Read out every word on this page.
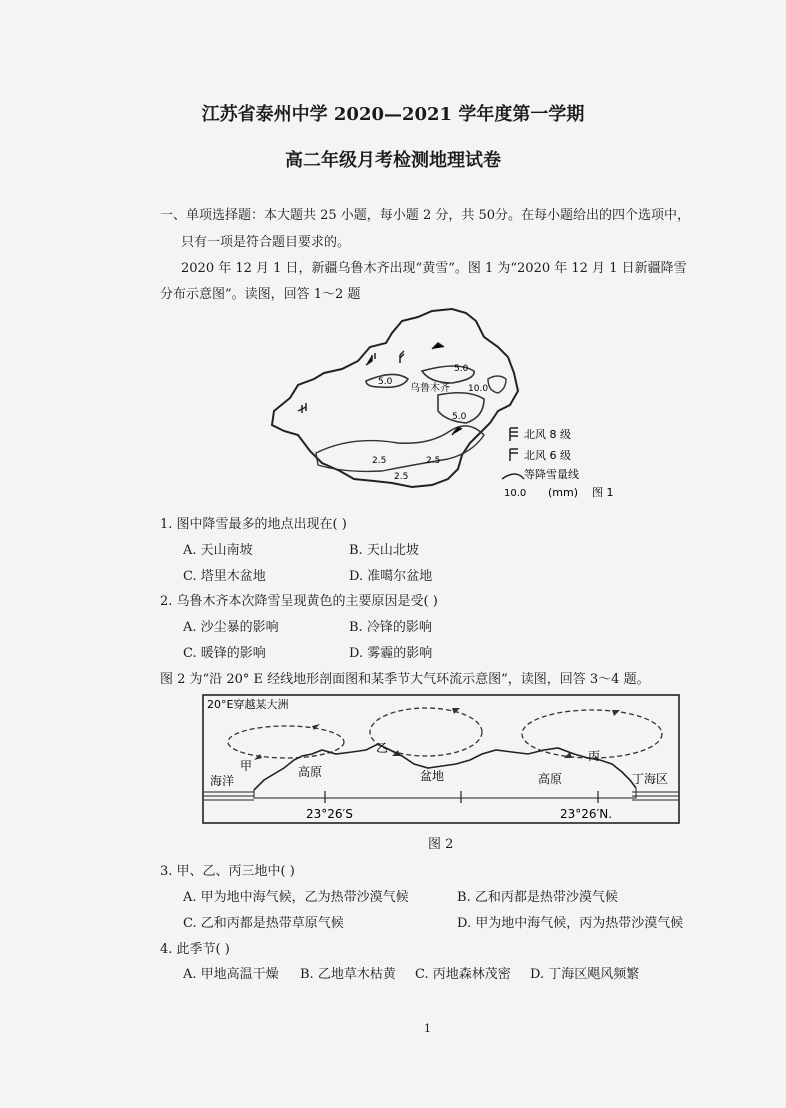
江苏省泰州中学 2020—2021 学年度第一学期
高二年级月考检测地理试卷
一、单项选择题：本大题共 25 小题，每小题 2 分，共 50分。在每小题给出的四个选项中，
只有一项是符合题目要求的。
2020 年 12 月 1 日，新疆乌鲁木齐出现“黄雪”。图 1 为“2020 年 12 月 1 日新疆降雪
分布示意图”。读图，回答 1～2 题
5.0
5.0
乌鲁木齐 10.0
5.0
2.5
2.5
2.5
北风 8 级
北风 6 级
等降雪量线
10.0 (mm) 图 1
1. 图中降雪最多的地点出现在( )
A. 天山南坡	B. 天山北坡
C. 塔里木盆地	D. 准噶尔盆地
2. 乌鲁木齐本次降雪呈现黄色的主要原因是受( )
A. 沙尘暴的影响	B. 冷锋的影响
C. 暖锋的影响	D. 雾霾的影响
图 2 为“沿 20° E 经线地形剖面图和某季节大气环流示意图”，读图，回答 3～4 题。
20°E穿越某大洲
甲
乙
丙
海洋
高原	盆地	高原	丁海区
23°26′S	23°26′N.
图 2
3. 甲、乙、丙三地中( )
A. 甲为地中海气候，乙为热带沙漠气候	B. 乙和丙都是热带沙漠气候
C. 乙和丙都是热带草原气候	D. 甲为地中海气候，丙为热带沙漠气候
4. 此季节( )
A. 甲地高温干燥 B. 乙地草木枯黄 C. 丙地森林茂密 D. 丁海区飓风频繁
1
